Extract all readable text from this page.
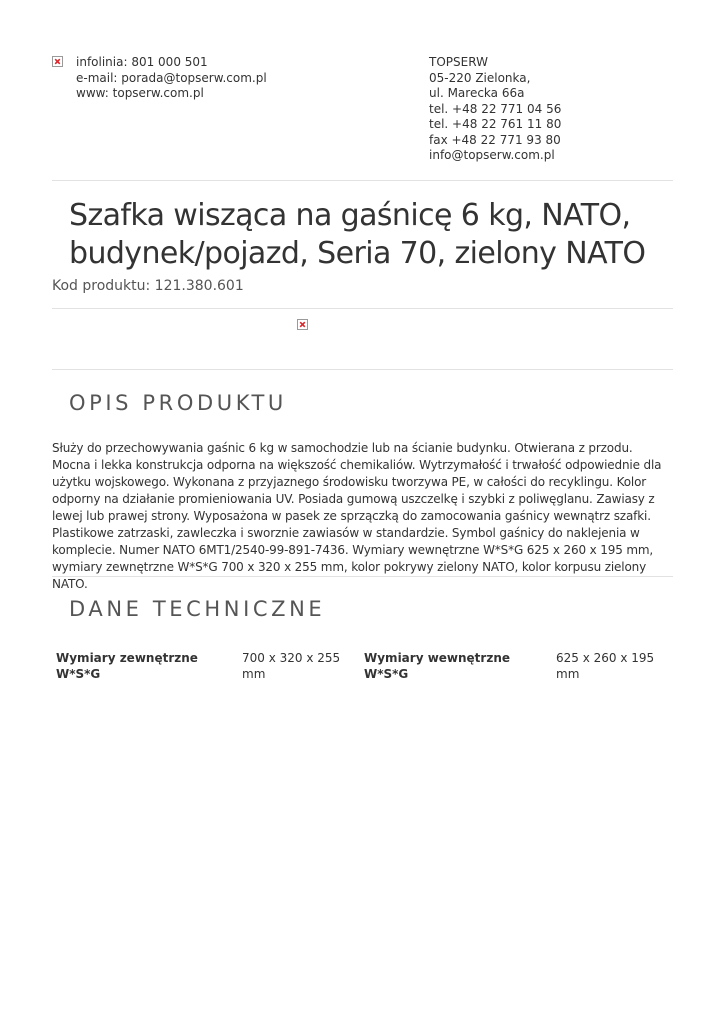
infolinia: 801 000 501
e-mail: porada@topserw.com.pl
www: topserw.com.pl
TOPSERW
05-220 Zielonka,
ul. Marecka 66a
tel. +48 22 771 04 56
tel. +48 22 761 11 80
fax +48 22 771 93 80
info@topserw.com.pl
Szafka wisząca na gaśnicę 6 kg, NATO, budynek/pojazd, Seria 70, zielony NATO
Kod produktu: 121.380.601
OPIS PRODUKTU

Służy do przechowywania gaśnic 6 kg w samochodzie lub na ścianie budynku. Otwierana z przodu. Mocna i lekka konstrukcja odporna na większość chemikaliów. Wytrzymałość i trwałość odpowiednie dla użytku wojskowego. Wykonana z przyjaznego środowisku tworzywa PE, w całości do recyklingu. Kolor odporny na działanie promieniowania UV. Posiada gumową uszczelkę i szybki z poliwęglanu. Zawiasy z lewej lub prawej strony. Wyposażona w pasek ze sprzączką do zamocowania gaśnicy wewnątrz szafki. Plastikowe zatrzaski, zawleczka i sworznie zawiasów w standardzie. Symbol gaśnicy do naklejenia w komplecie. Numer NATO 6MT1/2540-99-891-7436. Wymiary wewnętrzne W*S*G 625 x 260 x 195 mm, wymiary zewnętrzne W*S*G 700 x 320 x 255 mm, kolor pokrywy zielony NATO, kolor korpusu zielony NATO.

DANE TECHNICZNE
Wymiary zewnętrzne W*S*G
700 x 320 x 255 mm
Wymiary wewnętrzne W*S*G
625 x 260 x 195 mm
